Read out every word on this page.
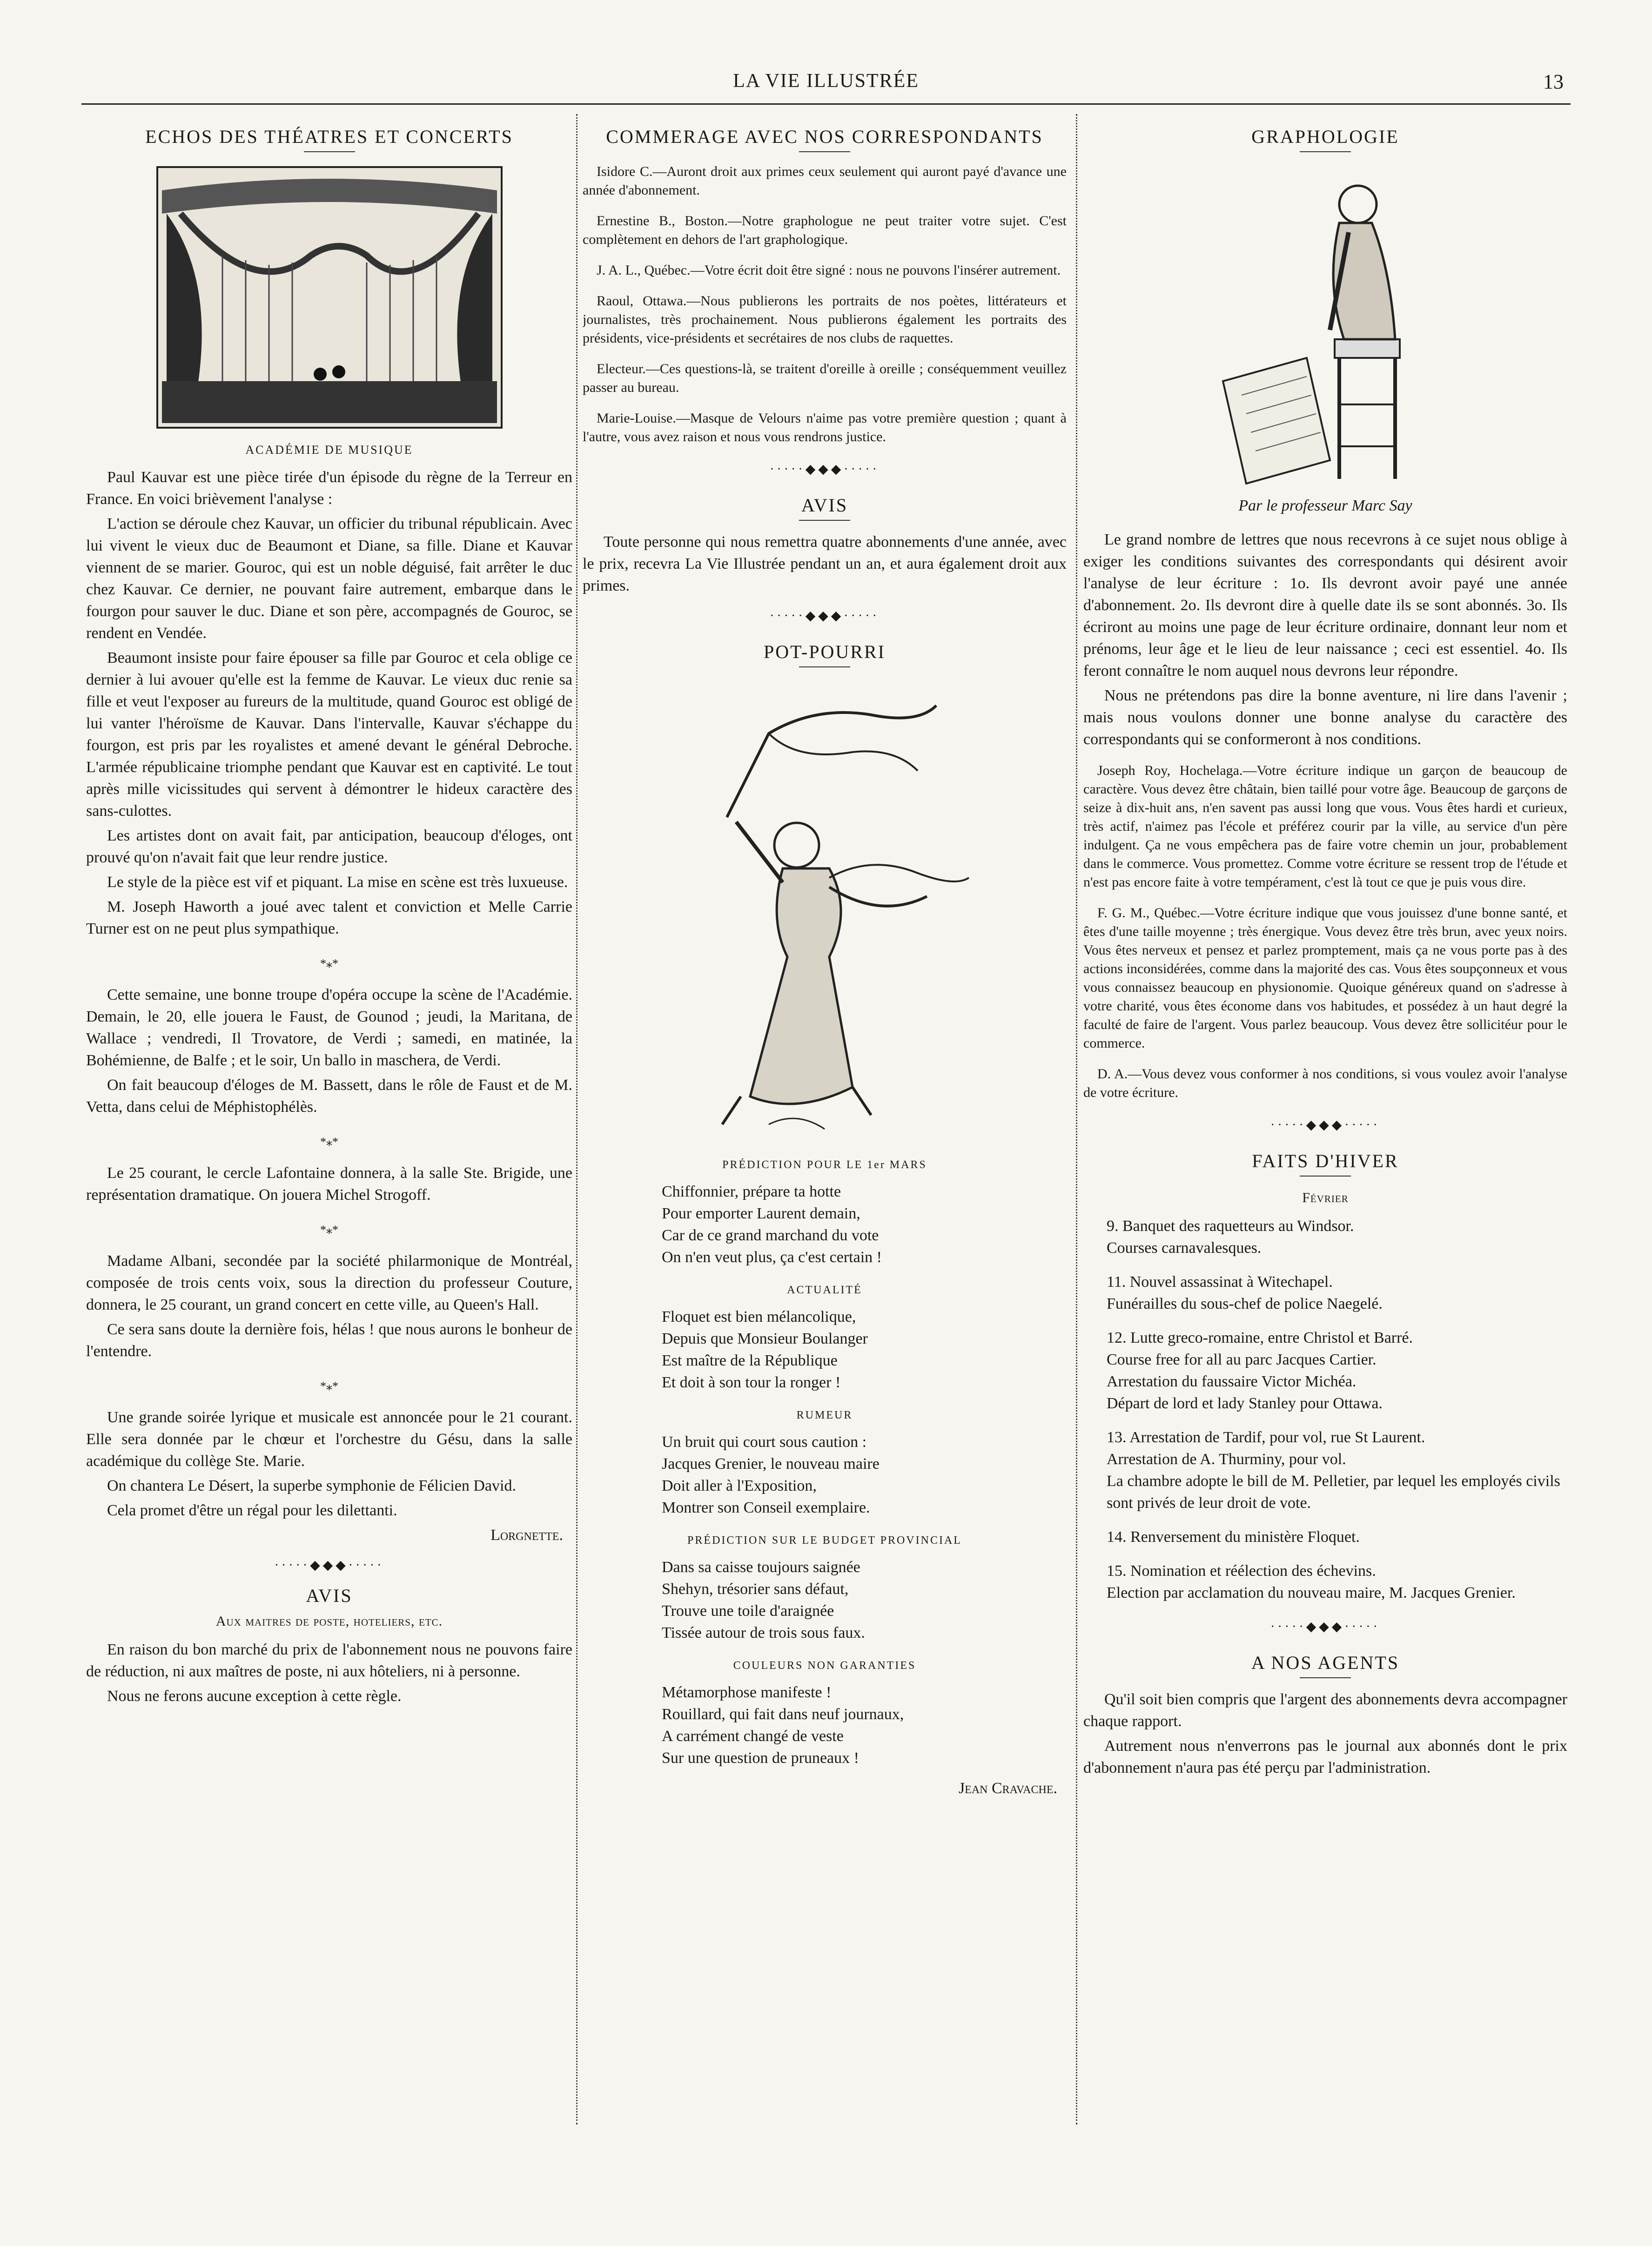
LA VIE ILLUSTRÉE	13
ECHOS DES THÉATRES ET CONCERTS
ACADÉMIE DE MUSIQUE

Paul Kauvar est une pièce tirée d'un épisode du règne de la Terreur en France. En voici brièvement l'analyse :

L'action se déroule chez Kauvar, un officier du tribunal républicain. Avec lui vivent le vieux duc de Beaumont et Diane, sa fille. Diane et Kauvar viennent de se marier. Gouroc, qui est un noble déguisé, fait arrêter le duc chez Kauvar. Ce dernier, ne pouvant faire autrement, embarque dans le fourgon pour sauver le duc. Diane et son père, accompagnés de Gouroc, se rendent en Vendée.

Beaumont insiste pour faire épouser sa fille par Gouroc et cela oblige ce dernier à lui avouer qu'elle est la femme de Kauvar. Le vieux duc renie sa fille et veut l'exposer au fureurs de la multitude, quand Gouroc est obligé de lui vanter l'héroïsme de Kauvar. Dans l'intervalle, Kauvar s'échappe du fourgon, est pris par les royalistes et amené devant le général Debroche. L'armée républicaine triomphe pendant que Kauvar est en captivité. Le tout après mille vicissitudes qui servent à démontrer le hideux caractère des sans-culottes.

Les artistes dont on avait fait, par anticipation, beaucoup d'éloges, ont prouvé qu'on n'avait fait que leur rendre justice.

Le style de la pièce est vif et piquant. La mise en scène est très luxueuse.

M. Joseph Haworth a joué avec talent et conviction et Melle Carrie Turner est on ne peut plus sympathique.

*⁎*

Cette semaine, une bonne troupe d'opéra occupe la scène de l'Académie. Demain, le 20, elle jouera le Faust, de Gounod ; jeudi, la Maritana, de Wallace ; vendredi, Il Trovatore, de Verdi ; samedi, en matinée, la Bohémienne, de Balfe ; et le soir, Un ballo in maschera, de Verdi.

On fait beaucoup d'éloges de M. Bassett, dans le rôle de Faust et de M. Vetta, dans celui de Méphistophélès.

*⁎*

Le 25 courant, le cercle Lafontaine donnera, à la salle Ste. Brigide, une représentation dramatique. On jouera Michel Strogoff.

*⁎*

Madame Albani, secondée par la société philarmonique de Montréal, composée de trois cents voix, sous la direction du professeur Couture, donnera, le 25 courant, un grand concert en cette ville, au Queen's Hall.

Ce sera sans doute la dernière fois, hélas ! que nous aurons le bonheur de l'entendre.

*⁎*

Une grande soirée lyrique et musicale est annoncée pour le 21 courant. Elle sera donnée par le chœur et l'orchestre du Gésu, dans la salle académique du collège Ste. Marie.

On chantera Le Désert, la superbe symphonie de Félicien David.

Cela promet d'être un régal pour les dilettanti.

Lorgnette.
·····◆◆◆·····
AVIS
Aux maitres de poste, hoteliers, etc.

En raison du bon marché du prix de l'abonnement nous ne pouvons faire de réduction, ni aux maîtres de poste, ni aux hôteliers, ni à personne.

Nous ne ferons aucune exception à cette règle.

COMMERAGE AVEC NOS CORRESPONDANTS

Isidore C.—Auront droit aux primes ceux seulement qui auront payé d'avance une année d'abonnement.

Ernestine B., Boston.—Notre graphologue ne peut traiter votre sujet. C'est complètement en dehors de l'art graphologique.

J. A. L., Québec.—Votre écrit doit être signé : nous ne pouvons l'insérer autrement.

Raoul, Ottawa.—Nous publierons les portraits de nos poètes, littérateurs et journalistes, très prochainement. Nous publierons également les portraits des présidents, vice-présidents et secrétaires de nos clubs de raquettes.

Electeur.—Ces questions-là, se traitent d'oreille à oreille ; conséquemment veuillez passer au bureau.

Marie-Louise.—Masque de Velours n'aime pas votre première question ; quant à l'autre, vous avez raison et nous vous rendrons justice.

·····◆◆◆·····
AVIS

Toute personne qui nous remettra quatre abonnements d'une année, avec le prix, recevra La Vie Illustrée pendant un an, et aura également droit aux primes.

·····◆◆◆·····
POT-POURRI
PRÉDICTION POUR LE 1er MARS
Chiffonnier, prépare ta hotte
Pour emporter Laurent demain,
Car de ce grand marchand du vote
On n'en veut plus, ça c'est certain !
ACTUALITÉ
Floquet est bien mélancolique,
Depuis que Monsieur Boulanger
Est maître de la République
Et doit à son tour la ronger !
RUMEUR
Un bruit qui court sous caution :
Jacques Grenier, le nouveau maire
Doit aller à l'Exposition,
Montrer son Conseil exemplaire.
PRÉDICTION SUR LE BUDGET PROVINCIAL
Dans sa caisse toujours saignée
Shehyn, trésorier sans défaut,
Trouve une toile d'araignée
Tissée autour de trois sous faux.
COULEURS NON GARANTIES
Métamorphose manifeste !
Rouillard, qui fait dans neuf journaux,
A carrément changé de veste
Sur une question de pruneaux !
Jean Cravache.
GRAPHOLOGIE
Par le professeur Marc Say

Le grand nombre de lettres que nous recevrons à ce sujet nous oblige à exiger les conditions suivantes des correspondants qui désirent avoir l'analyse de leur écriture : 1o. Ils devront avoir payé une année d'abonnement. 2o. Ils devront dire à quelle date ils se sont abonnés. 3o. Ils écriront au moins une page de leur écriture ordinaire, donnant leur nom et prénoms, leur âge et le lieu de leur naissance ; ceci est essentiel. 4o. Ils feront connaître le nom auquel nous devrons leur répondre.

Nous ne prétendons pas dire la bonne aventure, ni lire dans l'avenir ; mais nous voulons donner une bonne analyse du caractère des correspondants qui se conformeront à nos conditions.

Joseph Roy, Hochelaga.—Votre écriture indique un garçon de beaucoup de caractère. Vous devez être châtain, bien taillé pour votre âge. Beaucoup de garçons de seize à dix-huit ans, n'en savent pas aussi long que vous. Vous êtes hardi et curieux, très actif, n'aimez pas l'école et préférez courir par la ville, au service d'un père indulgent. Ça ne vous empêchera pas de faire votre chemin un jour, probablement dans le commerce. Vous promettez. Comme votre écriture se ressent trop de l'étude et n'est pas encore faite à votre tempérament, c'est là tout ce que je puis vous dire.

F. G. M., Québec.—Votre écriture indique que vous jouissez d'une bonne santé, et êtes d'une taille moyenne ; très énergique. Vous devez être très brun, avec yeux noirs. Vous êtes nerveux et pensez et parlez promptement, mais ça ne vous porte pas à des actions inconsidérées, comme dans la majorité des cas. Vous êtes soupçonneux et vous vous connaissez beaucoup en physionomie. Quoique généreux quand on s'adresse à votre charité, vous êtes économe dans vos habitudes, et possédez à un haut degré la faculté de faire de l'argent. Vous parlez beaucoup. Vous devez être sollicitéur pour le commerce.

D. A.—Vous devez vous conformer à nos conditions, si vous voulez avoir l'analyse de votre écriture.

·····◆◆◆·····
FAITS D'HIVER
Février
9. Banquet des raquetteurs au Windsor.
Courses carnavalesques.
11. Nouvel assassinat à Witechapel.
Funérailles du sous-chef de police Naegelé.
12. Lutte greco-romaine, entre Christol et Barré.
Course free for all au parc Jacques Cartier.
Arrestation du faussaire Victor Michéa.
Départ de lord et lady Stanley pour Ottawa.
13. Arrestation de Tardif, pour vol, rue St Laurent.
Arrestation de A. Thurminy, pour vol.
La chambre adopte le bill de M. Pelletier, par lequel les employés civils sont privés de leur droit de vote.
14. Renversement du ministère Floquet.
15. Nomination et réélection des échevins.
Election par acclamation du nouveau maire, M. Jacques Grenier.
·····◆◆◆·····
A NOS AGENTS

Qu'il soit bien compris que l'argent des abonnements devra accompagner chaque rapport.

Autrement nous n'enverrons pas le journal aux abonnés dont le prix d'abonnement n'aura pas été perçu par l'administration.
